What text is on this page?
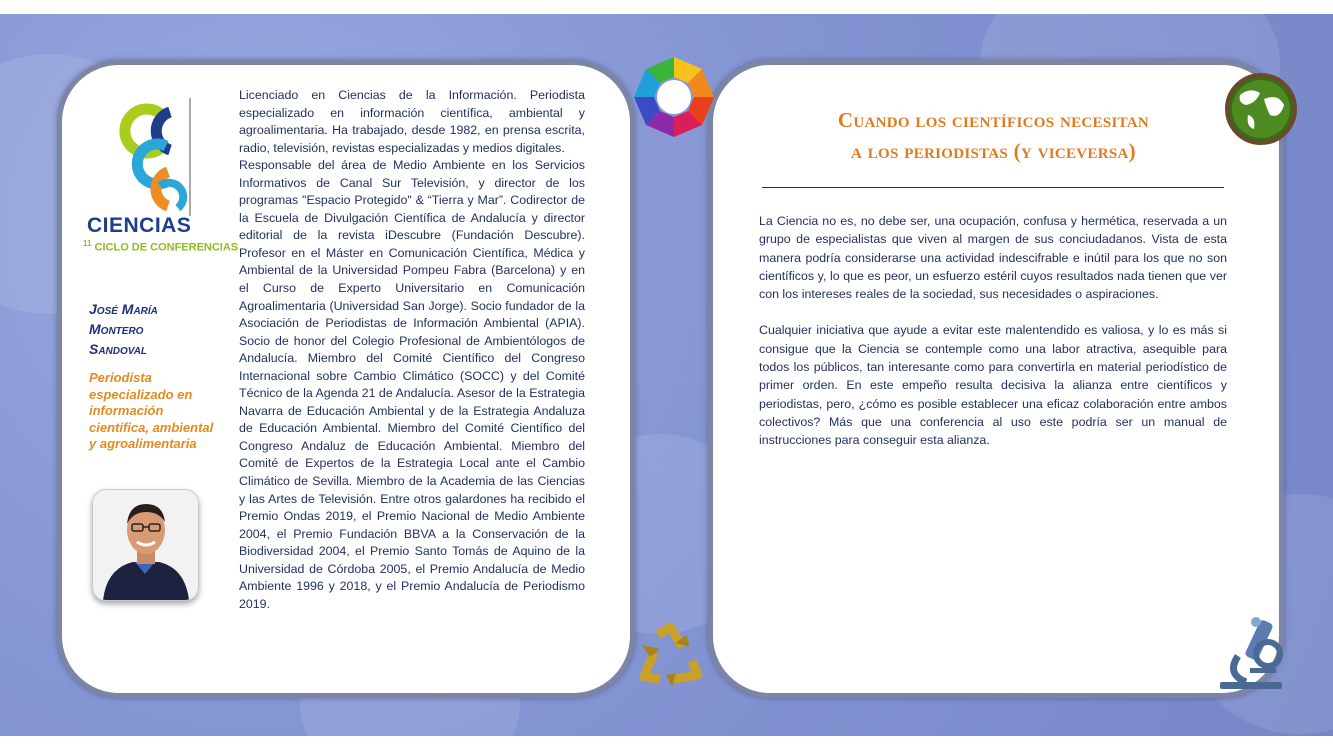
CIENCIAS
$^{11}$ CICLO DE CONFERENCIAS
José María
Montero
Sandoval
Periodista especializado en información científica, ambiental y agroalimentaria

Licenciado en Ciencias de la Información. Periodista especializado en información científica, ambiental y agroalimentaria. Ha trabajado, desde 1982, en prensa escrita, radio, televisión, revistas especializadas y medios digitales.

Responsable del área de Medio Ambiente en los Servicios Informativos de Canal Sur Televisión, y director de los programas "Espacio Protegido" & “Tierra y Mar”. Codirector de la Escuela de Divulgación Científica de Andalucía y director editorial de la revista iDescubre (Fundación Descubre). Profesor en el Máster en Comunicación Científica, Médica y Ambiental de la Universidad Pompeu Fabra (Barcelona) y en el Curso de Experto Universitario en Comunicación Agroalimentaria (Universidad San Jorge). Socio fundador de la Asociación de Periodistas de Información Ambiental (APIA). Socio de honor del Colegio Profesional de Ambientólogos de Andalucía. Miembro del Comité Científico del Congreso Internacional sobre Cambio Climático (SOCC) y del Comité Técnico de la Agenda 21 de Andalucía. Asesor de la Estrategia Navarra de Educación Ambiental y de la Estrategia Andaluza de Educación Ambiental. Miembro del Comité Científico del Congreso Andaluz de Educación Ambiental. Miembro del Comité de Expertos de la Estrategia Local ante el Cambio Climático de Sevilla. Miembro de la Academia de las Ciencias y las Artes de Televisión. Entre otros galardones ha recibido el Premio Ondas 2019, el Premio Nacional de Medio Ambiente 2004, el Premio Fundación BBVA a la Conservación de la Biodiversidad 2004, el Premio Santo Tomás de Aquino de la Universidad de Córdoba 2005, el Premio Andalucía de Medio Ambiente 1996 y 2018, y el Premio Andalucía de Periodismo 2019.

Cuando los científicos necesitan
a los periodistas (y viceversa)

La Ciencia no es, no debe ser, una ocupación, confusa y hermética, reservada a un grupo de especialistas que viven al margen de sus conciudadanos. Vista de esta manera podría considerarse una actividad indescifrable e inútil para los que no son científicos y, lo que es peor, un esfuerzo estéril cuyos resultados nada tienen que ver con los intereses reales de la sociedad, sus necesidades o aspiraciones.

Cualquier iniciativa que ayude a evitar este malentendido es valiosa, y lo es más si consigue que la Ciencia se contemple como una labor atractiva, asequible para todos los públicos, tan interesante como para convertirla en material periodístico de primer orden. En este empeño resulta decisiva la alianza entre científicos y periodistas, pero, ¿cómo es posible establecer una eficaz colaboración entre ambos colectivos? Más que una conferencia al uso este podría ser un manual de instrucciones para conseguir esta alianza.
